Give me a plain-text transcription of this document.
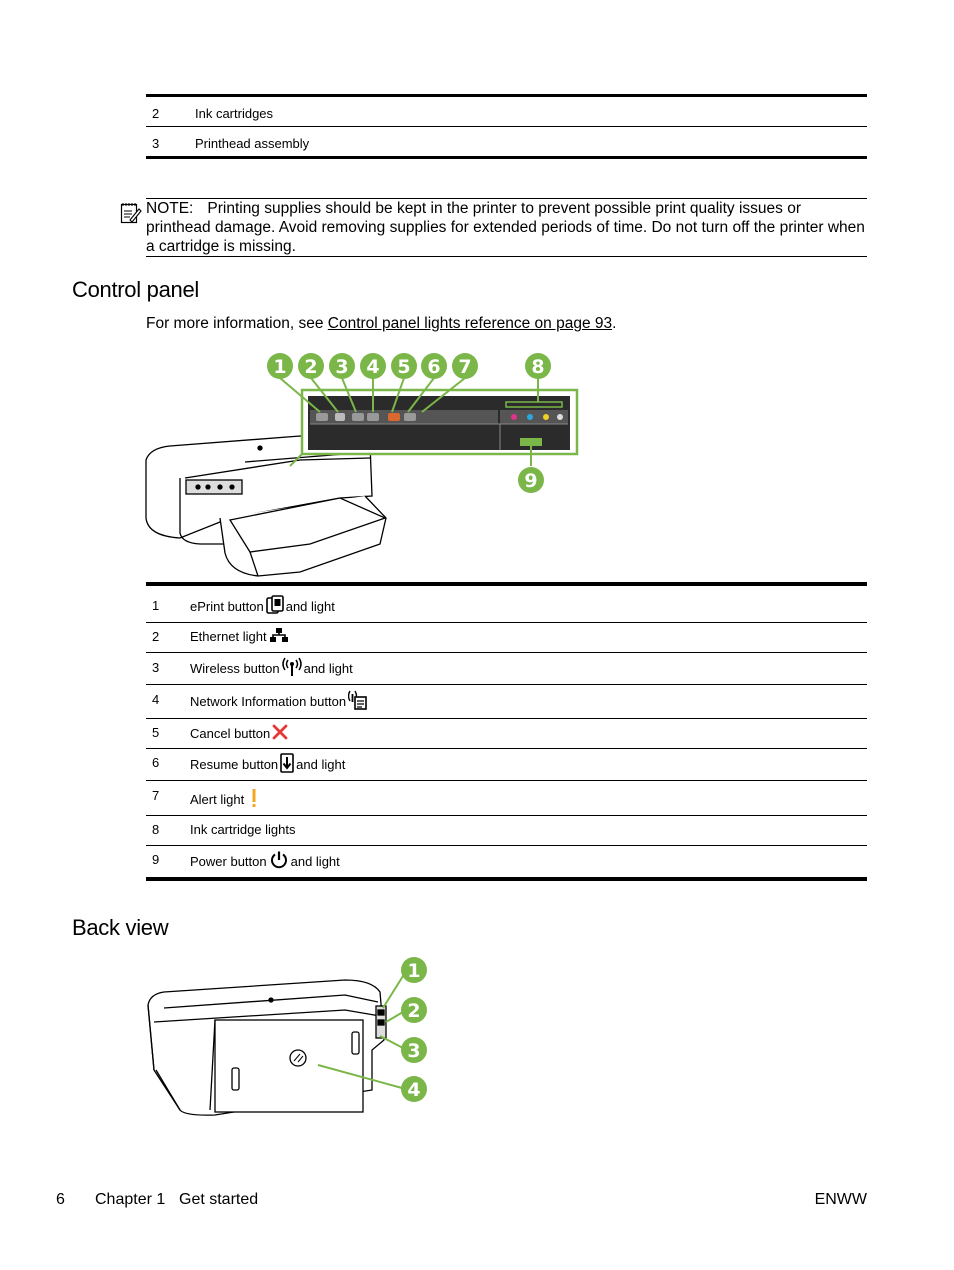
2	Ink cartridges
3	Printhead assembly
NOTE: Printing supplies should be kept in the printer to prevent possible print quality issues or printhead damage. Avoid removing supplies for extended periods of time. Do not turn off the printer when a cartridge is missing.
Control panel
For more information, see Control panel lights reference on page 93.
1 2 3 4 5 6 7	8
9
1 ePrint button and light
2 Ethernet light
3 Wireless button and light
4 Network Information button
5 Cancel button
6 Resume button and light
7 Alert light
8 Ink cartridge lights
9 Power button and light
Back view
1
2
3
4
6 Chapter 1 Get started	ENWW
